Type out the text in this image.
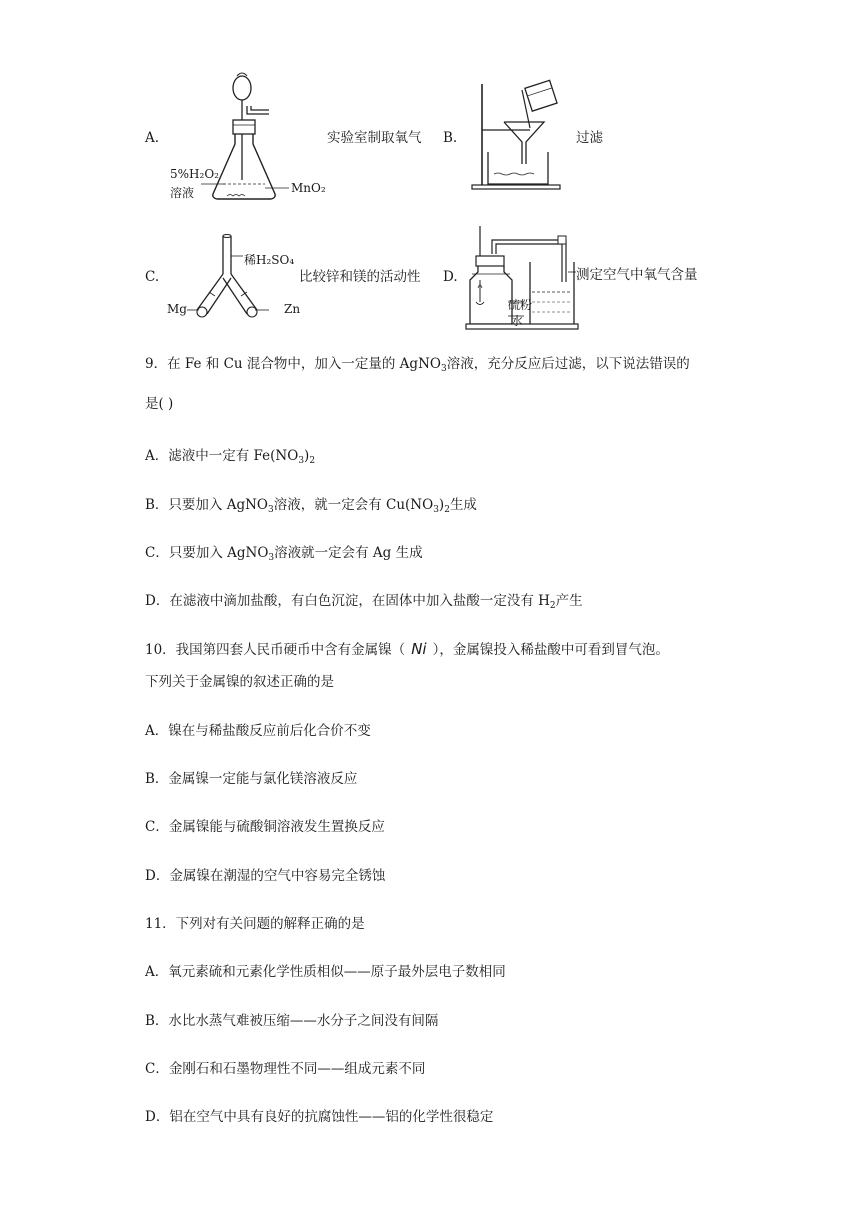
A.
5%H₂O₂
溶液	MnO₂
实验室制取氧气 B.	过滤
C.
稀H₂SO₄
Mg	Zn
比较锌和镁的活动性 D.
硫粉
水
测定空气中氧气含量
9．在 Fe 和 Cu 混合物中，加入一定量的 AgNO$_3$溶液，充分反应后过滤，以下说法错误的
是( )
A．滤液中一定有 $Fe(NO_3)_2$
B．只要加入 AgNO$_3$溶液，就一定会有 $Cu(NO_3)_2$生成
C．只要加入 AgNO$_3$溶液就一定会有 Ag 生成
D．在滤液中滴加盐酸，有白色沉淀，在固体中加入盐酸一定没有 $H_2$产生
10．我国第四套人民币硬币中含有金属镍（ Ni ），金属镍投入稀盐酸中可看到冒气泡。
下列关于金属镍的叙述正确的是
A．镍在与稀盐酸反应前后化合价不变
B．金属镍一定能与氯化镁溶液反应
C．金属镍能与硫酸铜溶液发生置换反应
D．金属镍在潮湿的空气中容易完全锈蚀
11．下列对有关问题的解释正确的是
A．氧元素硫和元素化学性质相似——原子最外层电子数相同
B．水比水蒸气难被压缩——水分子之间没有间隔
C．金刚石和石墨物理性不同——组成元素不同
D．铝在空气中具有良好的抗腐蚀性——铝的化学性很稳定
